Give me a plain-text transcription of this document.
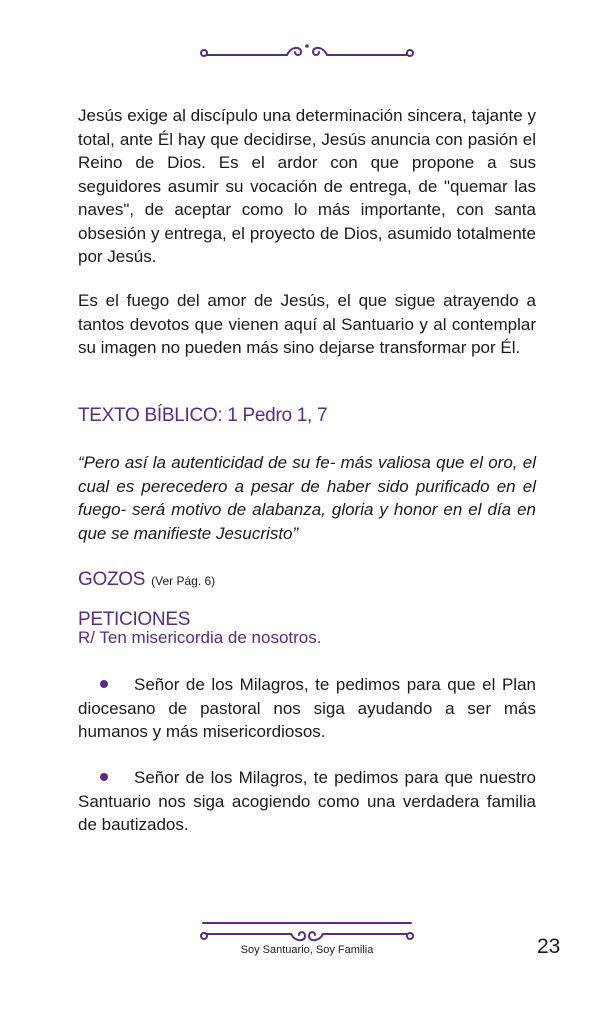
Jesús exige al discípulo una determinación sincera, tajante y total, ante Él hay que decidirse, Jesús anuncia con pasión el Reino de Dios. Es el ardor con que propone a sus seguidores asumir su vocación de entrega, de "quemar las naves", de aceptar como lo más importante, con santa obsesión y entrega, el proyecto de Dios, asumido totalmente por Jesús.

Es el fuego del amor de Jesús, el que sigue atrayendo a tantos devotos que vienen aquí al Santuario y al contemplar su imagen no pueden más sino dejarse transformar por Él.

TEXTO BÍBLICO: 1 Pedro 1, 7

“Pero así la autenticidad de su fe- más valiosa que el oro, el cual es perecedero a pesar de haber sido purificado en el fuego- será motivo de alabanza, gloria y honor en el día en que se manifieste Jesucristo”

GOZOS (Ver Pág. 6)

PETICIONES

R/ Ten misericordia de nosotros.

Señor de los Milagros, te pedimos para que el Plan diocesano de pastoral nos siga ayudando a ser más humanos y más misericordiosos.

Señor de los Milagros, te pedimos para que nuestro Santuario nos siga acogiendo como una verdadera familia de bautizados.

Soy Santuario, Soy Familia	23
